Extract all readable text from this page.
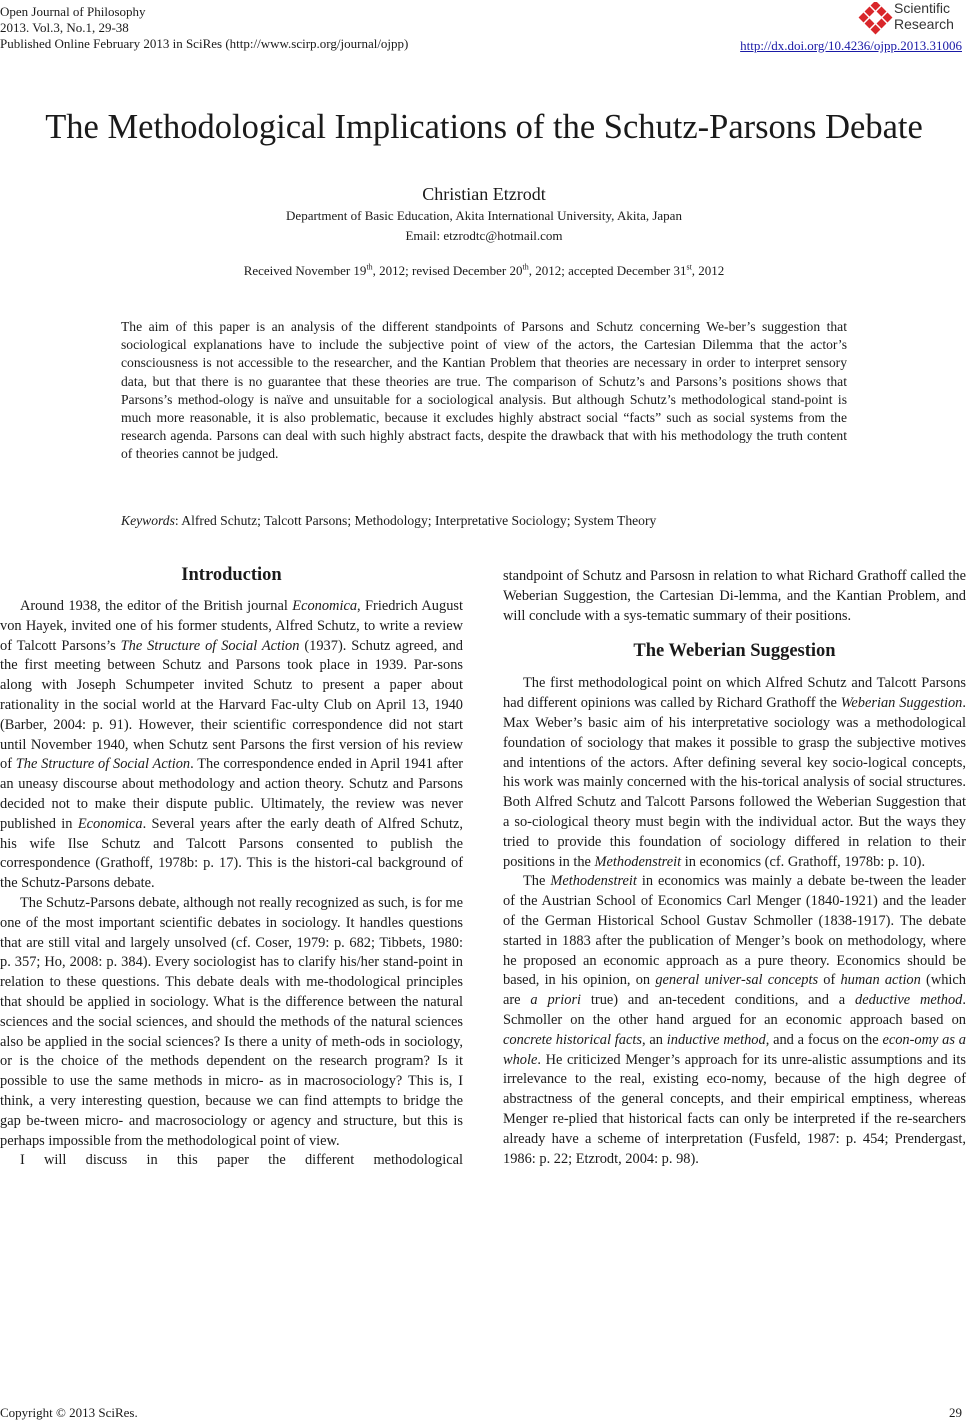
Open Journal of Philosophy
2013. Vol.3, No.1, 29-38
Published Online February 2013 in SciRes (http://www.scirp.org/journal/ojpp)
Scientific
Research
http://dx.doi.org/10.4236/ojpp.2013.31006
The Methodological Implications of the Schutz-Parsons Debate
Christian Etzrodt
Department of Basic Education, Akita International University, Akita, Japan
Email: etzrodtc@hotmail.com
Received November 19th, 2012; revised December 20th, 2012; accepted December 31st, 2012
The aim of this paper is an analysis of the different standpoints of Parsons and Schutz concerning We-ber’s suggestion that sociological explanations have to include the subjective point of view of the actors, the Cartesian Dilemma that the actor’s consciousness is not accessible to the researcher, and the Kantian Problem that theories are necessary in order to interpret sensory data, but that there is no guarantee that these theories are true. The comparison of Schutz’s and Parsons’s positions shows that Parsons’s method-ology is naïve and unsuitable for a sociological analysis. But although Schutz’s methodological stand-point is much more reasonable, it is also problematic, because it excludes highly abstract social “facts” such as social systems from the research agenda. Parsons can deal with such highly abstract facts, despite the drawback that with his methodology the truth content of theories cannot be judged.
Keywords: Alfred Schutz; Talcott Parsons; Methodology; Interpretative Sociology; System Theory
Introduction

Around 1938, the editor of the British journal Economica, Friedrich August von Hayek, invited one of his former students, Alfred Schutz, to write a review of Talcott Parsons’s The Structure of Social Action (1937). Schutz agreed, and the first meeting between Schutz and Parsons took place in 1939. Par-sons along with Joseph Schumpeter invited Schutz to present a paper about rationality in the social world at the Harvard Fac-ulty Club on April 13, 1940 (Barber, 2004: p. 91). However, their scientific correspondence did not start until November 1940, when Schutz sent Parsons the first version of his review of The Structure of Social Action. The correspondence ended in April 1941 after an uneasy discourse about methodology and action theory. Schutz and Parsons decided not to make their dispute public. Ultimately, the review was never published in Economica. Several years after the early death of Alfred Schutz, his wife Ilse Schutz and Talcott Parsons consented to publish the correspondence (Grathoff, 1978b: p. 17). This is the histori-cal background of the Schutz-Parsons debate.

The Schutz-Parsons debate, although not really recognized as such, is for me one of the most important scientific debates in sociology. It handles questions that are still vital and largely unsolved (cf. Coser, 1979: p. 682; Tibbets, 1980: p. 357; Ho, 2008: p. 384). Every sociologist has to clarify his/her stand-point in relation to these questions. This debate deals with me-thodological principles that should be applied in sociology. What is the difference between the natural sciences and the social sciences, and should the methods of the natural sciences also be applied in the social sciences? Is there a unity of meth-ods in sociology, or is the choice of the methods dependent on the research program? Is it possible to use the same methods in micro- as in macrosociology? This is, I think, a very interesting question, because we can find attempts to bridge the gap be-tween micro- and macrosociology or agency and structure, but this is perhaps impossible from the methodological point of view.

I will discuss in this paper the different methodological

standpoint of Schutz and Parsosn in relation to what Richard Grathoff called the Weberian Suggestion, the Cartesian Di-lemma, and the Kantian Problem, and will conclude with a sys-tematic summary of their positions.

The Weberian Suggestion

The first methodological point on which Alfred Schutz and Talcott Parsons had different opinions was called by Richard Grathoff the Weberian Suggestion. Max Weber’s basic aim of his interpretative sociology was a methodological foundation of sociology that makes it possible to grasp the subjective motives and intentions of the actors. After defining several key socio-logical concepts, his work was mainly concerned with the his-torical analysis of social structures. Both Alfred Schutz and Talcott Parsons followed the Weberian Suggestion that a so-ciological theory must begin with the individual actor. But the ways they tried to provide this foundation of sociology differed in relation to their positions in the Methodenstreit in economics (cf. Grathoff, 1978b: p. 10).

The Methodenstreit in economics was mainly a debate be-tween the leader of the Austrian School of Economics Carl Menger (1840-1921) and the leader of the German Historical School Gustav Schmoller (1838-1917). The debate started in 1883 after the publication of Menger’s book on methodology, where he proposed an economic approach as a pure theory. Economics should be based, in his opinion, on general univer-sal concepts of human action (which are a priori true) and an-tecedent conditions, and a deductive method. Schmoller on the other hand argued for an economic approach based on concrete historical facts, an inductive method, and a focus on the econ-omy as a whole. He criticized Menger’s approach for its unre-alistic assumptions and its irrelevance to the real, existing eco-nomy, because of the high degree of abstractness of the general concepts, and their empirical emptiness, whereas Menger re-plied that historical facts can only be interpreted if the re-searchers already have a scheme of interpretation (Fusfeld, 1987: p. 454; Prendergast, 1986: p. 22; Etzrodt, 2004: p. 98).

Copyright © 2013 SciRes.	29
